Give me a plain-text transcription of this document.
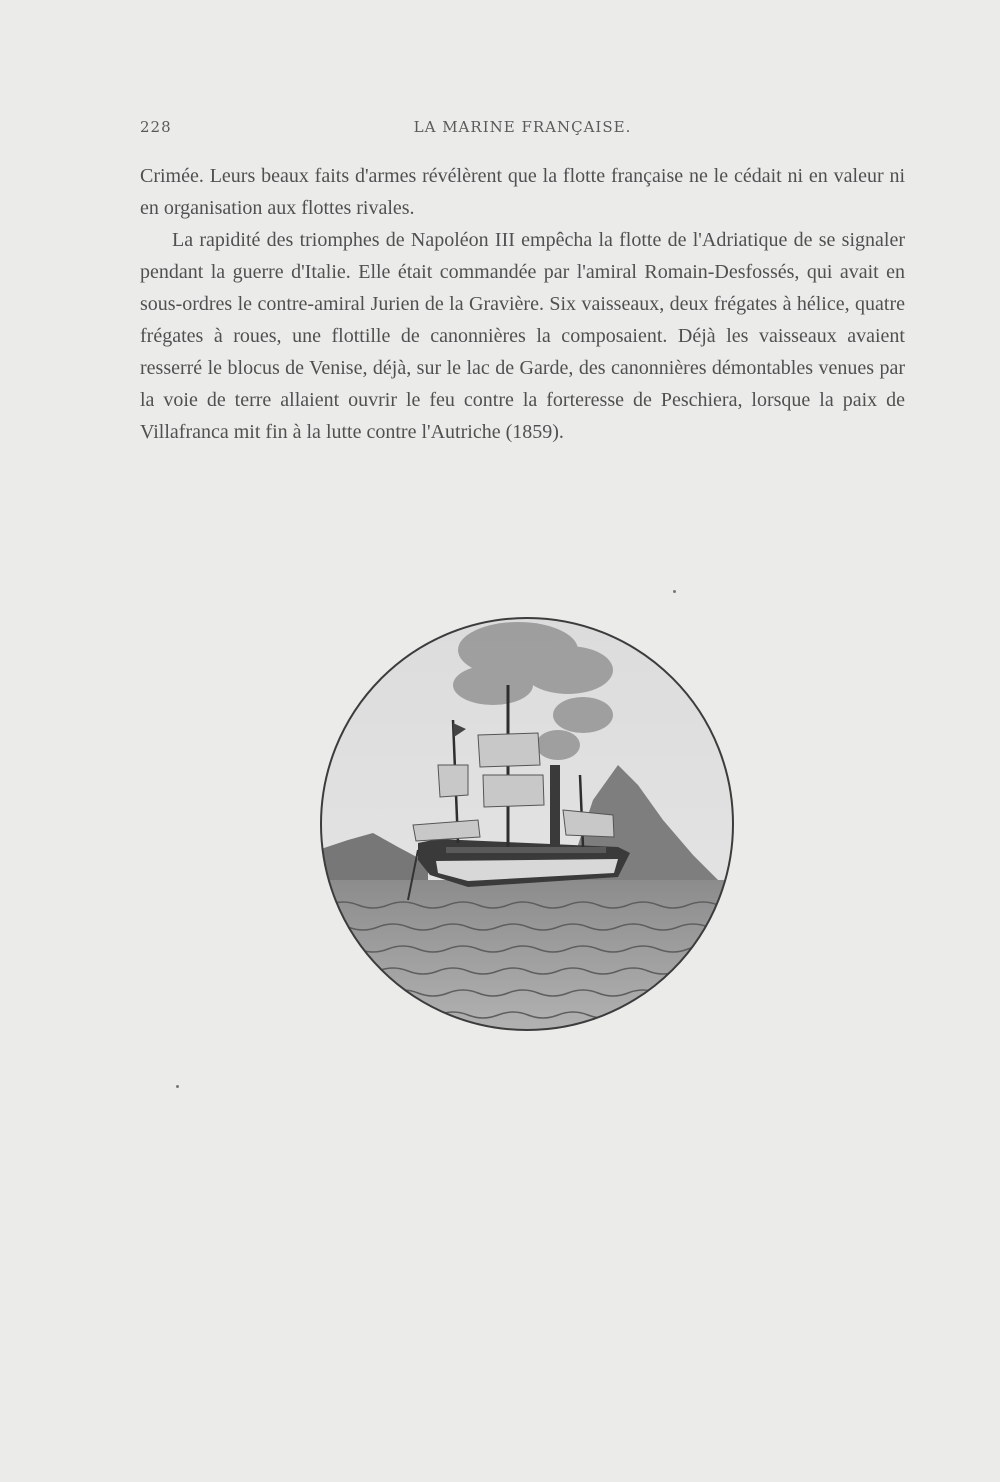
228	LA MARINE FRANÇAISE.

Crimée. Leurs beaux faits d'armes révélèrent que la flotte française ne le cédait ni en valeur ni en organisation aux flottes rivales.

La rapidité des triomphes de Napoléon III empêcha la flotte de l'Adriatique de se signaler pendant la guerre d'Italie. Elle était commandée par l'amiral Romain-Desfossés, qui avait en sous-ordres le contre-amiral Jurien de la Gravière. Six vaisseaux, deux frégates à hélice, quatre frégates à roues, une flottille de canonnières la composaient. Déjà les vaisseaux avaient resserré le blocus de Venise, déjà, sur le lac de Garde, des canonnières démontables venues par la voie de terre allaient ouvrir le feu contre la forteresse de Peschiera, lorsque la paix de Villafranca mit fin à la lutte contre l'Autriche (1859).
